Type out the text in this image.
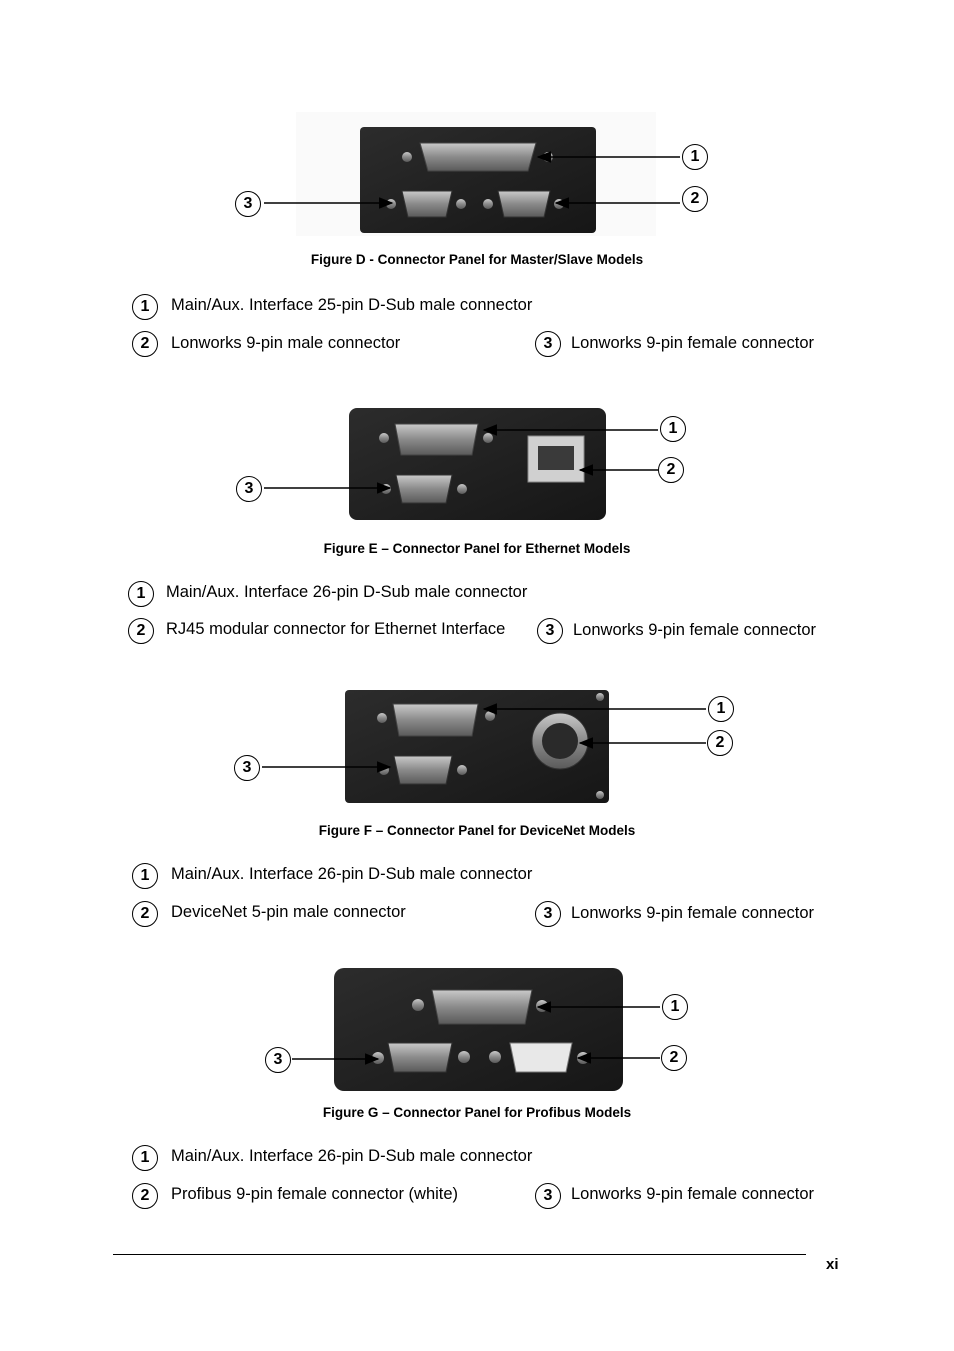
1
2
3
1
2
3
1
2
3
1
2
3
Figure D - Connector Panel for Master/Slave Models
Figure E – Connector Panel for Ethernet Models
Figure F – Connector Panel for DeviceNet Models
Figure G – Connector Panel for Profibus Models
1	Main/Aux. Interface 25-pin D-Sub male connector
2	Lonworks 9-pin male connector	3	Lonworks 9-pin female connector
1	Main/Aux. Interface 26-pin D-Sub male connector
2	RJ45 modular connector for Ethernet Interface	3	Lonworks 9-pin female connector
1	Main/Aux. Interface 26-pin D-Sub male connector
2	DeviceNet 5-pin male connector	3	Lonworks 9-pin female connector
1	Main/Aux. Interface 26-pin D-Sub male connector
2	Profibus 9-pin female connector (white)	3	Lonworks 9-pin female connector
xi
